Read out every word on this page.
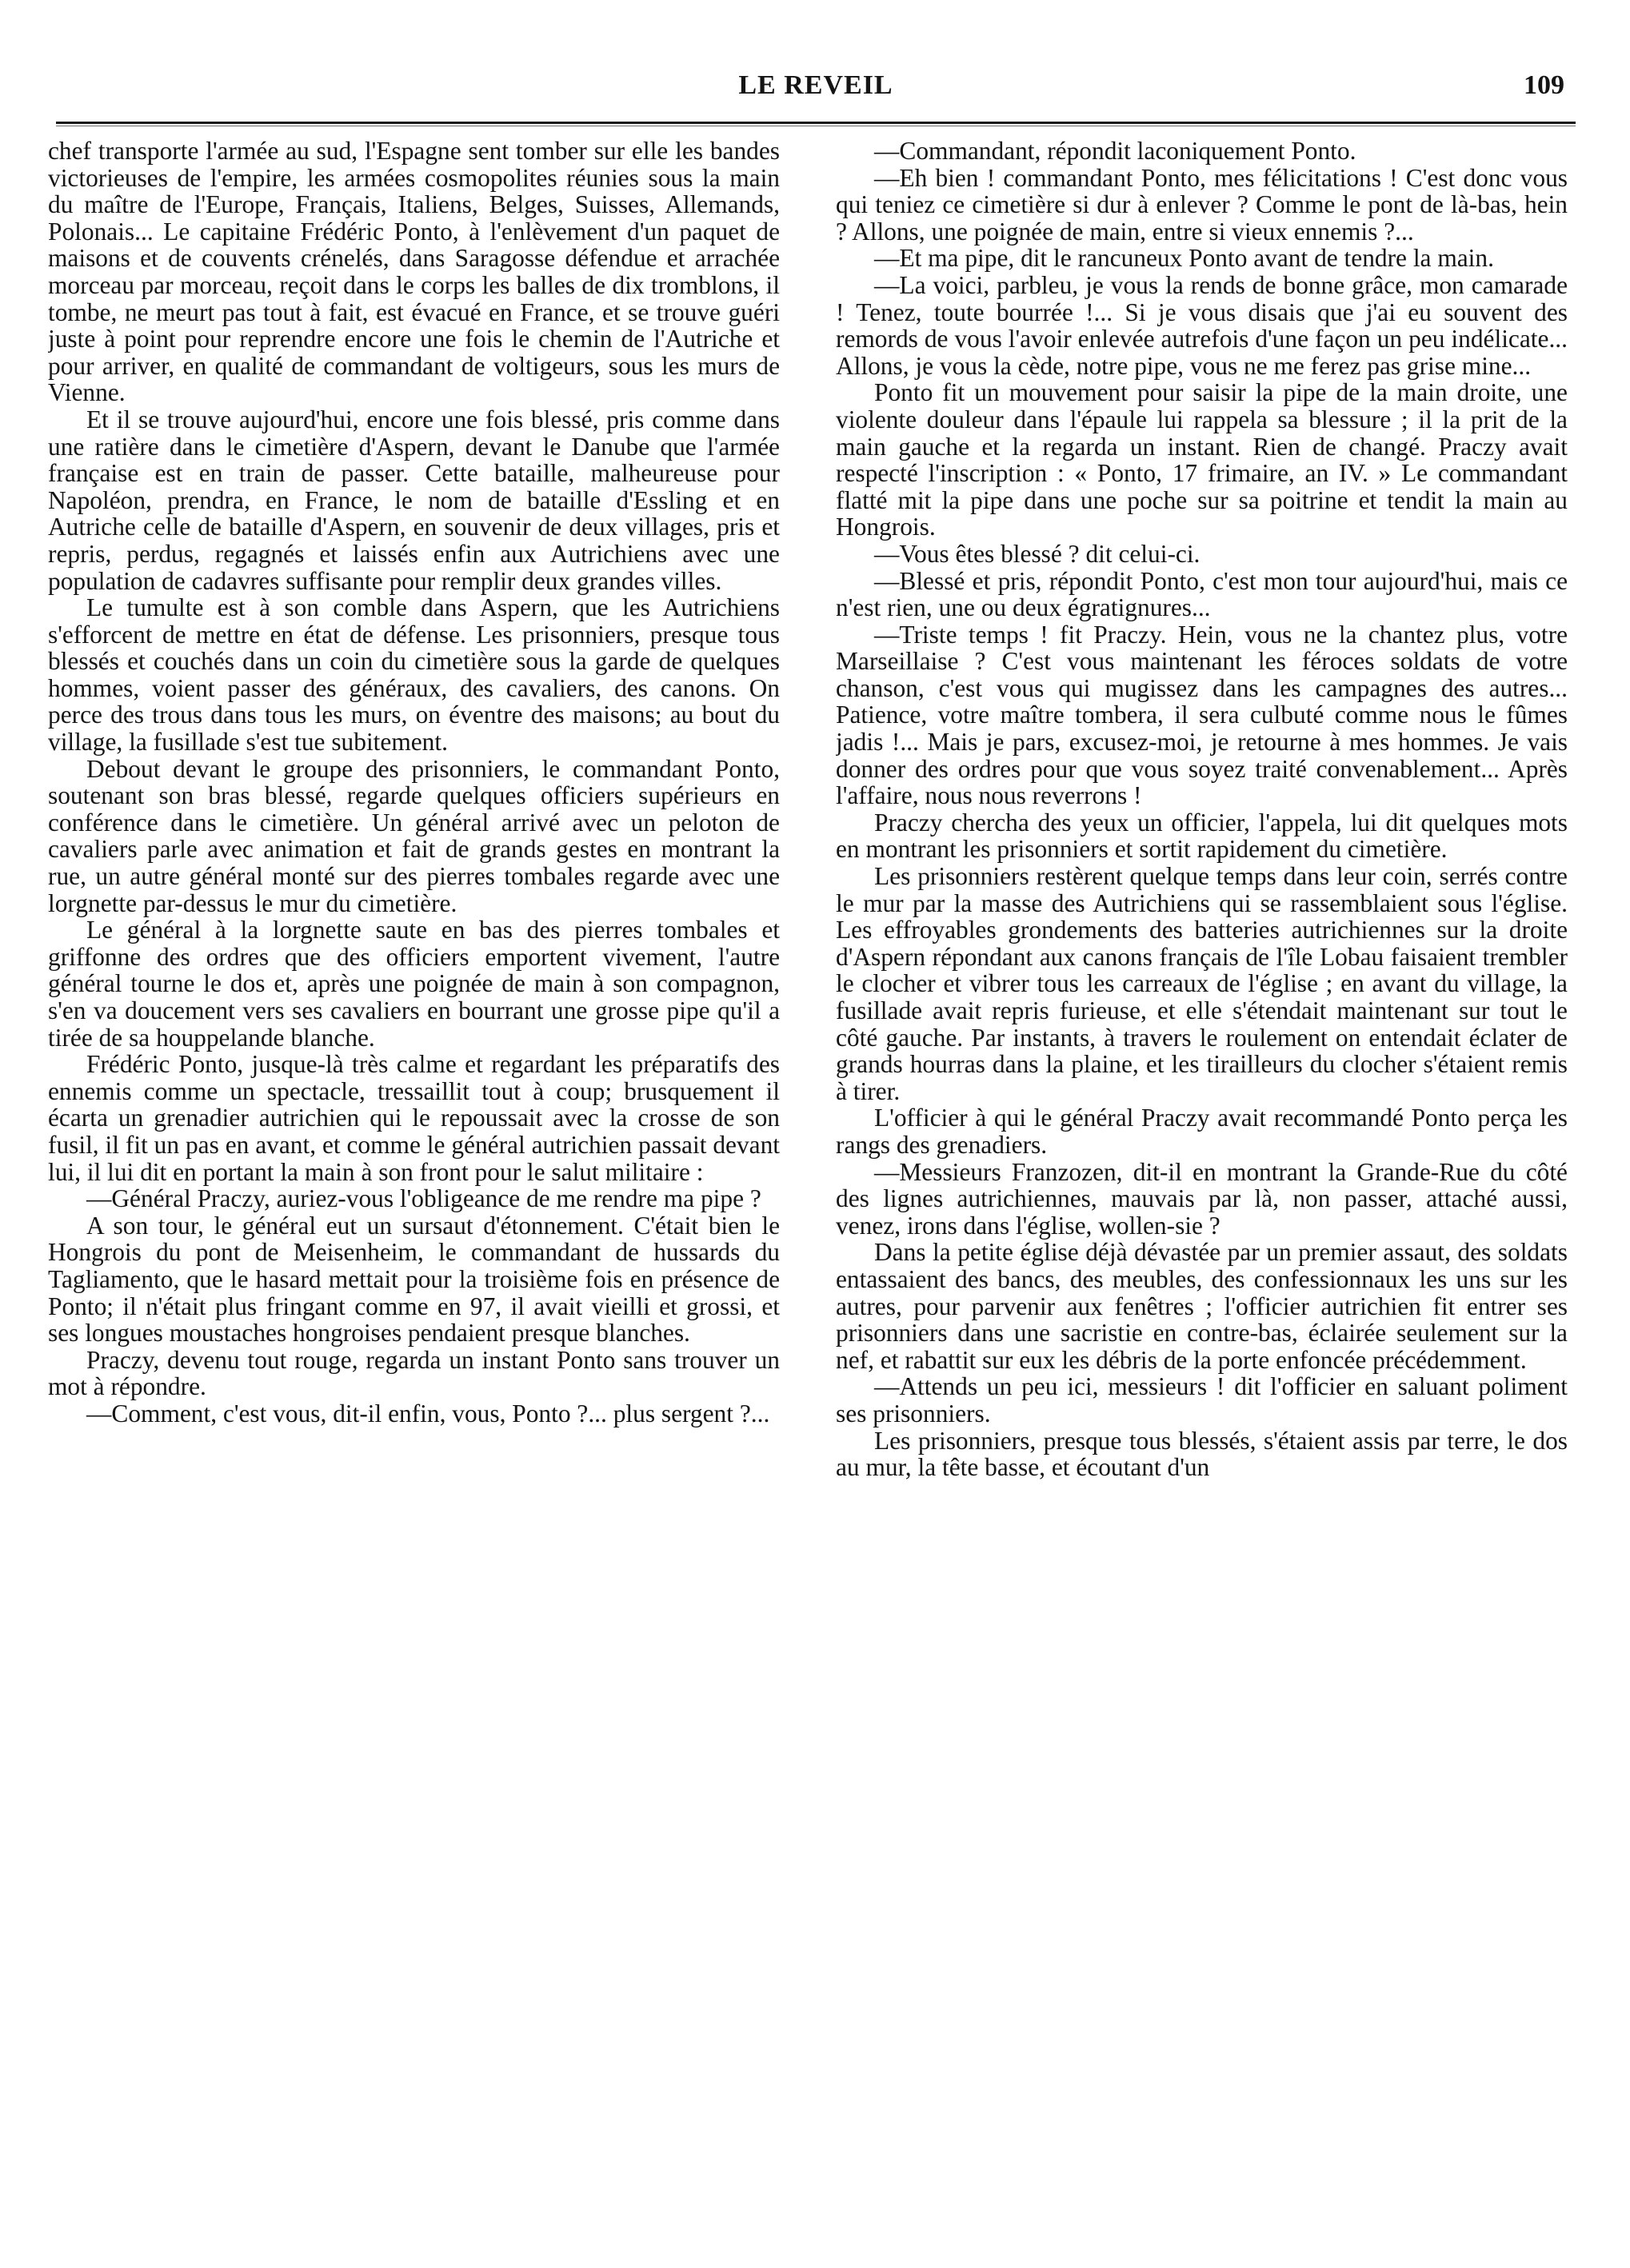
LE REVEIL	109

chef transporte l'armée au sud, l'Espagne sent tomber sur elle les bandes victorieuses de l'empire, les armées cosmopolites réunies sous la main du maître de l'Europe, Français, Italiens, Belges, Suisses, Allemands, Polonais... Le capitaine Frédéric Ponto, à l'enlèvement d'un paquet de maisons et de couvents crénelés, dans Saragosse défendue et arrachée morceau par morceau, reçoit dans le corps les balles de dix tromblons, il tombe, ne meurt pas tout à fait, est évacué en France, et se trouve guéri juste à point pour reprendre encore une fois le chemin de l'Autriche et pour arriver, en qualité de commandant de voltigeurs, sous les murs de Vienne.

Et il se trouve aujourd'hui, encore une fois blessé, pris comme dans une ratière dans le cimetière d'Aspern, devant le Danube que l'armée française est en train de passer. Cette bataille, malheureuse pour Napoléon, prendra, en France, le nom de bataille d'Essling et en Autriche celle de bataille d'Aspern, en souvenir de deux villages, pris et repris, perdus, regagnés et laissés enfin aux Autrichiens avec une population de cadavres suffisante pour remplir deux grandes villes.

Le tumulte est à son comble dans Aspern, que les Autrichiens s'efforcent de mettre en état de défense. Les prisonniers, presque tous blessés et couchés dans un coin du cimetière sous la garde de quelques hommes, voient passer des généraux, des cavaliers, des canons. On perce des trous dans tous les murs, on éventre des maisons; au bout du village, la fusillade s'est tue subitement.

Debout devant le groupe des prisonniers, le commandant Ponto, soutenant son bras blessé, regarde quelques officiers supérieurs en conférence dans le cimetière. Un général arrivé avec un peloton de cavaliers parle avec animation et fait de grands gestes en montrant la rue, un autre général monté sur des pierres tombales regarde avec une lorgnette par-dessus le mur du cimetière.

Le général à la lorgnette saute en bas des pierres tombales et griffonne des ordres que des officiers emportent vivement, l'autre général tourne le dos et, après une poignée de main à son compagnon, s'en va doucement vers ses cavaliers en bourrant une grosse pipe qu'il a tirée de sa houppelande blanche.

Frédéric Ponto, jusque-là très calme et regardant les préparatifs des ennemis comme un spectacle, tressaillit tout à coup; brusquement il écarta un grenadier autrichien qui le repoussait avec la crosse de son fusil, il fit un pas en avant, et comme le général autrichien passait devant lui, il lui dit en portant la main à son front pour le salut militaire :

—Général Praczy, auriez-vous l'obligeance de me rendre ma pipe ?

A son tour, le général eut un sursaut d'étonnement. C'était bien le Hongrois du pont de Meisenheim, le commandant de hussards du Tagliamento, que le hasard mettait pour la troisième fois en présence de Ponto; il n'était plus fringant comme en 97, il avait vieilli et grossi, et ses longues moustaches hongroises pendaient presque blanches.

Praczy, devenu tout rouge, regarda un instant Ponto sans trouver un mot à répondre.

—Comment, c'est vous, dit-il enfin, vous, Ponto ?... plus sergent ?...

—Commandant, répondit laconiquement Ponto.

—Eh bien ! commandant Ponto, mes félicitations ! C'est donc vous qui teniez ce cimetière si dur à enlever ? Comme le pont de là-bas, hein ? Allons, une poignée de main, entre si vieux ennemis ?...

—Et ma pipe, dit le rancuneux Ponto avant de tendre la main.

—La voici, parbleu, je vous la rends de bonne grâce, mon camarade ! Tenez, toute bourrée !... Si je vous disais que j'ai eu souvent des remords de vous l'avoir enlevée autrefois d'une façon un peu indélicate... Allons, je vous la cède, notre pipe, vous ne me ferez pas grise mine...

Ponto fit un mouvement pour saisir la pipe de la main droite, une violente douleur dans l'épaule lui rappela sa blessure ; il la prit de la main gauche et la regarda un instant. Rien de changé. Praczy avait respecté l'inscription : « Ponto, 17 frimaire, an IV. » Le commandant flatté mit la pipe dans une poche sur sa poitrine et tendit la main au Hongrois.

—Vous êtes blessé ? dit celui-ci.

—Blessé et pris, répondit Ponto, c'est mon tour aujourd'hui, mais ce n'est rien, une ou deux égratignures...

—Triste temps ! fit Praczy. Hein, vous ne la chantez plus, votre Marseillaise ? C'est vous maintenant les féroces soldats de votre chanson, c'est vous qui mugissez dans les campagnes des autres... Patience, votre maître tombera, il sera culbuté comme nous le fûmes jadis !... Mais je pars, excusez-moi, je retourne à mes hommes. Je vais donner des ordres pour que vous soyez traité convenablement... Après l'affaire, nous nous reverrons !

Praczy chercha des yeux un officier, l'appela, lui dit quelques mots en montrant les prisonniers et sortit rapidement du cimetière.

Les prisonniers restèrent quelque temps dans leur coin, serrés contre le mur par la masse des Autrichiens qui se rassemblaient sous l'église. Les effroyables grondements des batteries autrichiennes sur la droite d'Aspern répondant aux canons français de l'île Lobau faisaient trembler le clocher et vibrer tous les carreaux de l'église ; en avant du village, la fusillade avait repris furieuse, et elle s'étendait maintenant sur tout le côté gauche. Par instants, à travers le roulement on entendait éclater de grands hourras dans la plaine, et les tirailleurs du clocher s'étaient remis à tirer.

L'officier à qui le général Praczy avait recommandé Ponto perça les rangs des grenadiers.

—Messieurs Franzozen, dit-il en montrant la Grande-Rue du côté des lignes autrichiennes, mauvais par là, non passer, attaché aussi, venez, irons dans l'église, wollen-sie ?

Dans la petite église déjà dévastée par un premier assaut, des soldats entassaient des bancs, des meubles, des confessionnaux les uns sur les autres, pour parvenir aux fenêtres ; l'officier autrichien fit entrer ses prisonniers dans une sacristie en contre-bas, éclairée seulement sur la nef, et rabattit sur eux les débris de la porte enfoncée précédemment.

—Attends un peu ici, messieurs ! dit l'officier en saluant poliment ses prisonniers.

Les prisonniers, presque tous blessés, s'étaient assis par terre, le dos au mur, la tête basse, et écoutant d'un
